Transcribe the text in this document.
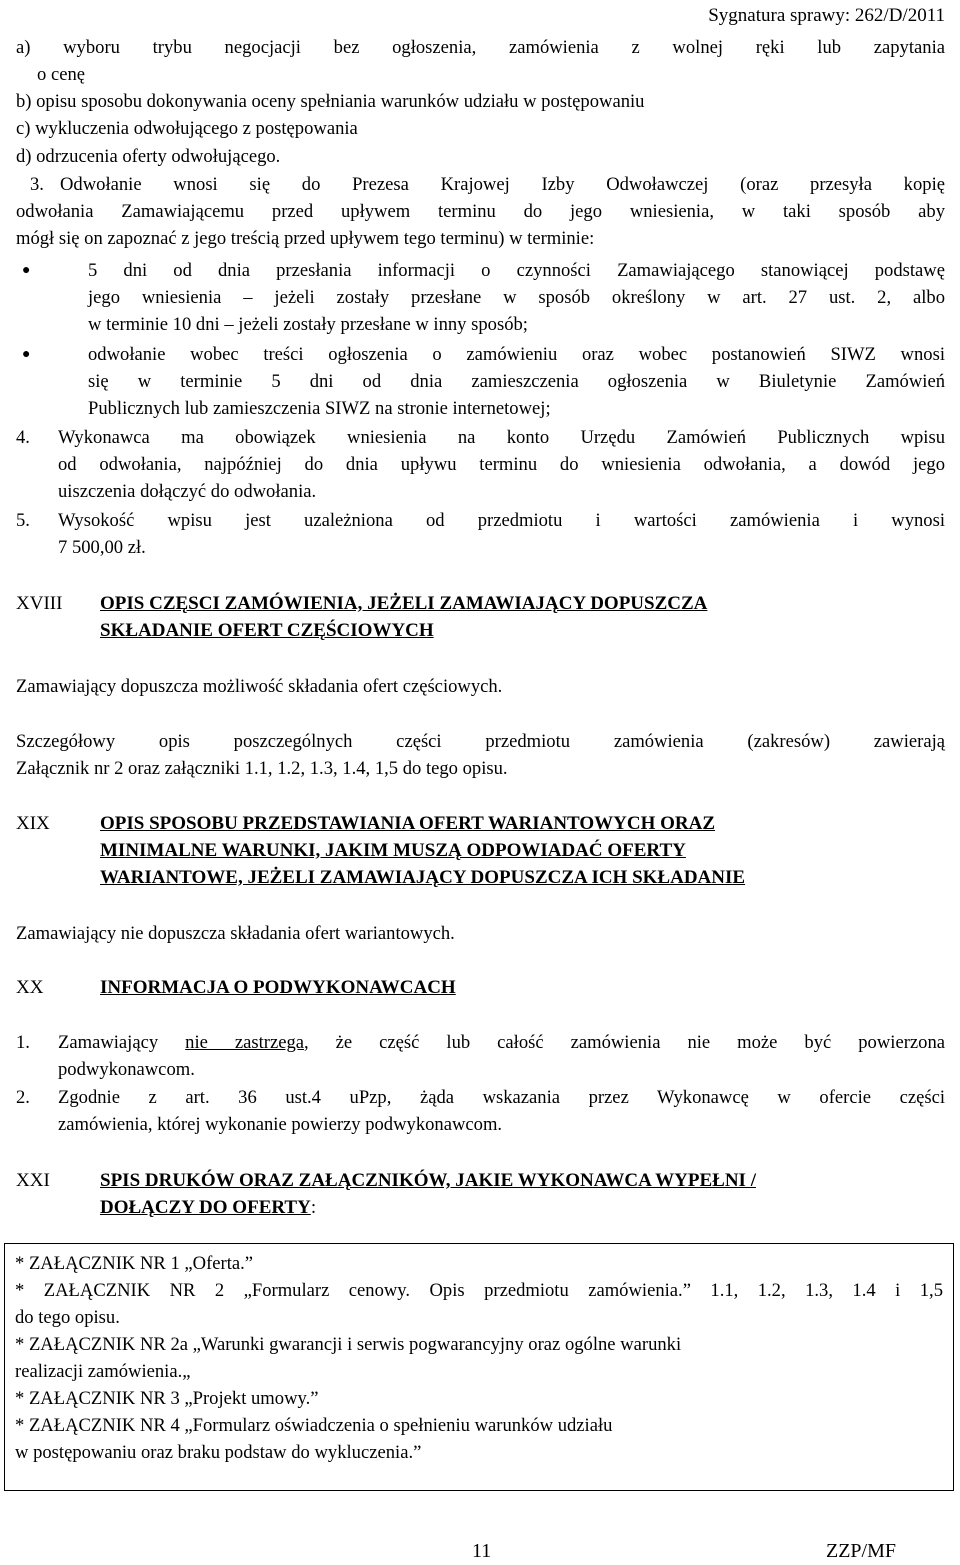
Sygnatura sprawy: 262/D/2011
a) wyboru trybu negocjacji bez ogłoszenia, zamówienia z wolnej ręki lub zapytania
o cenę
b) opisu sposobu dokonywania oceny spełniania warunków udziału w postępowaniu
c) wykluczenia odwołującego z postępowania
d) odrzucenia oferty odwołującego.
3. Odwołanie wnosi się do Prezesa Krajowej Izby Odwoławczej (oraz przesyła kopię
odwołania Zamawiającemu przed upływem terminu do jego wniesienia, w taki sposób aby
mógł się on zapoznać z jego treścią przed upływem tego terminu) w terminie:
●	5 dni od dnia przesłania informacji o czynności Zamawiającego stanowiącej podstawę
jego wniesienia – jeżeli zostały przesłane w sposób określony w art. 27 ust. 2, albo
w terminie 10 dni – jeżeli zostały przesłane w inny sposób;
●	odwołanie wobec treści ogłoszenia o zamówieniu oraz wobec postanowień SIWZ wnosi
się w terminie 5 dni od dnia zamieszczenia ogłoszenia w Biuletynie Zamówień
Publicznych lub zamieszczenia SIWZ na stronie internetowej;
4. Wykonawca ma obowiązek wniesienia na konto Urzędu Zamówień Publicznych wpisu
od odwołania, najpóźniej do dnia upływu terminu do wniesienia odwołania, a dowód jego
uiszczenia dołączyć do odwołania.
5. Wysokość wpisu jest uzależniona od przedmiotu i wartości zamówienia i wynosi
7 500,00 zł.
XVIII OPIS CZĘSCI ZAMÓWIENIA, JEŻELI ZAMAWIAJĄCY DOPUSZCZA
SKŁADANIE OFERT CZĘŚCIOWYCH
Zamawiający dopuszcza możliwość składania ofert częściowych.
Szczegółowy opis poszczególnych części przedmiotu zamówienia (zakresów) zawierają
Załącznik nr 2 oraz załączniki 1.1, 1.2, 1.3, 1.4, 1,5 do tego opisu.
XIX	OPIS SPOSOBU PRZEDSTAWIANIA OFERT WARIANTOWYCH ORAZ
MINIMALNE WARUNKI, JAKIM MUSZĄ ODPOWIADAĆ OFERTY
WARIANTOWE, JEŻELI ZAMAWIAJĄCY DOPUSZCZA ICH SKŁADANIE
Zamawiający nie dopuszcza składania ofert wariantowych.
XX	INFORMACJA O PODWYKONAWCACH
1. Zamawiający nie zastrzega, że część lub całość zamówienia nie może być powierzona
podwykonawcom.
2. Zgodnie z art. 36 ust.4 uPzp, żąda wskazania przez Wykonawcę w ofercie części
zamówienia, której wykonanie powierzy podwykonawcom.
XXI	SPIS DRUKÓW ORAZ ZAŁĄCZNIKÓW, JAKIE WYKONAWCA WYPEŁNI /
DOŁĄCZY DO OFERTY:
* ZAŁĄCZNIK NR 1 „Oferta.”
* ZAŁĄCZNIK NR 2 „Formularz cenowy. Opis przedmiotu zamówienia.” 1.1, 1.2, 1.3, 1.4 i 1,5
do tego opisu.
* ZAŁĄCZNIK NR 2a „Warunki gwarancji i serwis pogwarancyjny oraz ogólne warunki
realizacji zamówienia.„
* ZAŁĄCZNIK NR 3 „Projekt umowy.”
* ZAŁĄCZNIK NR 4 „Formularz oświadczenia o spełnieniu warunków udziału
w postępowaniu oraz braku podstaw do wykluczenia.”
11	ZZP/MF
